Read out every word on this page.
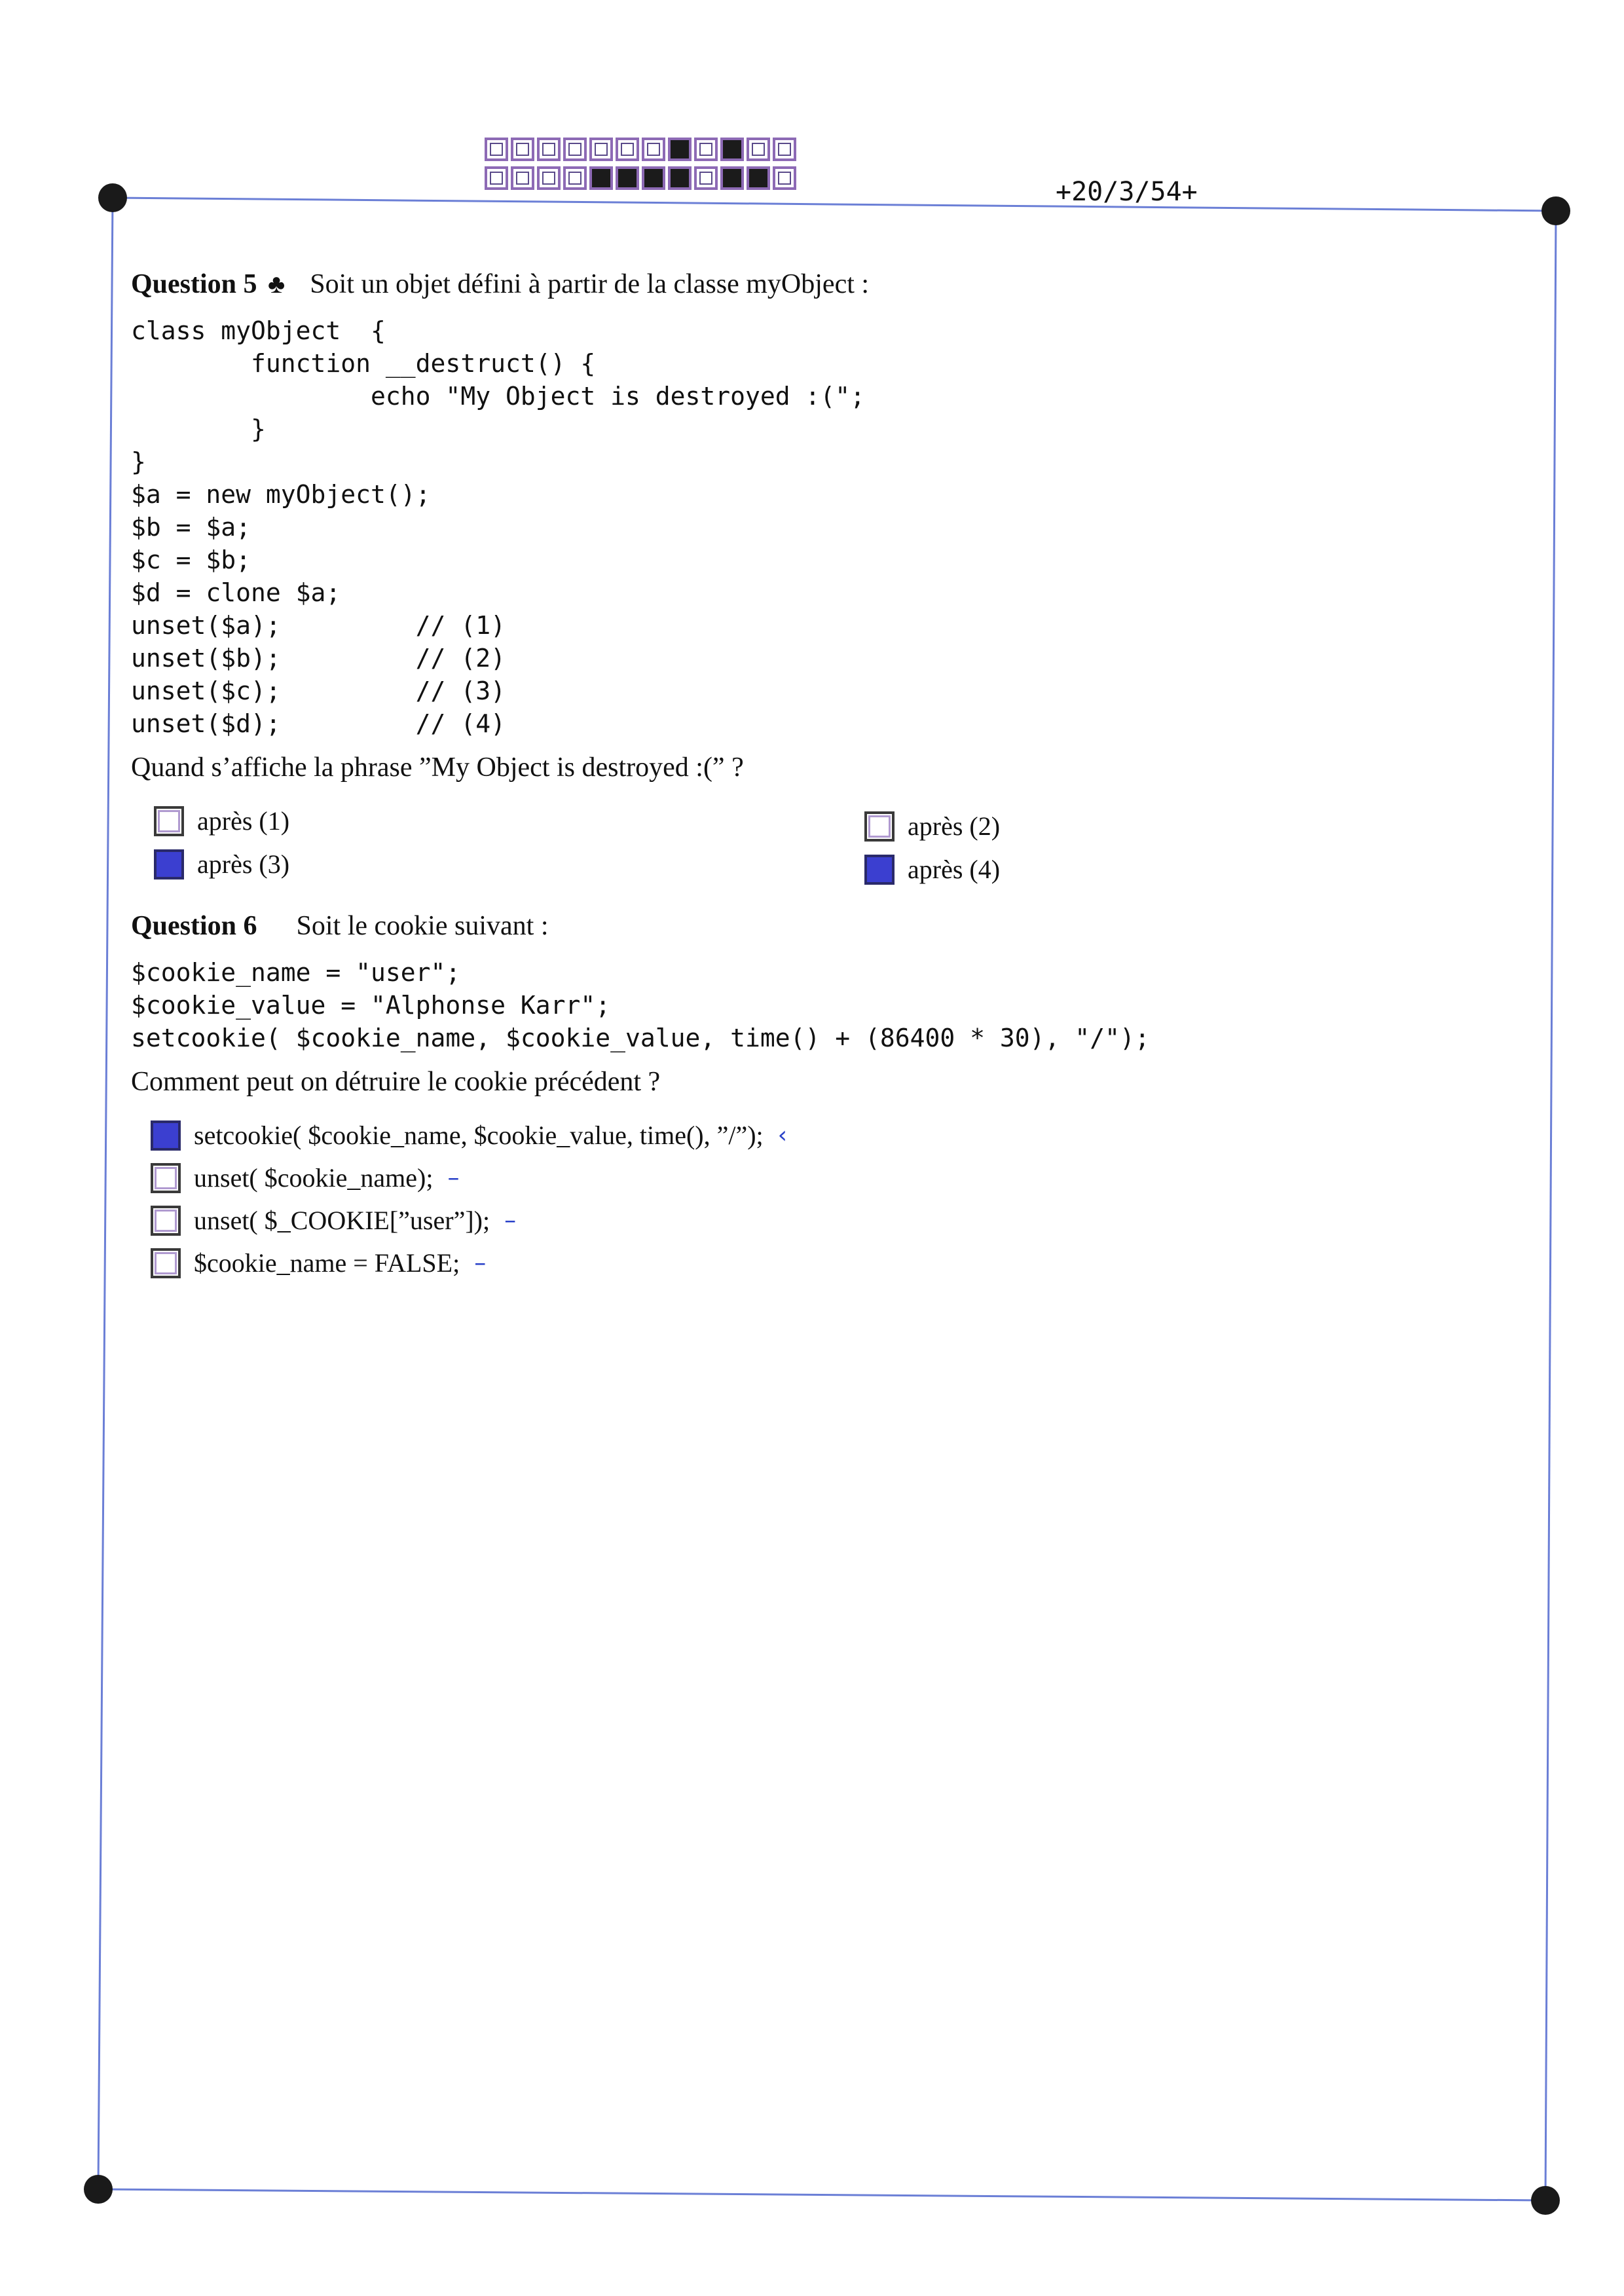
+20/3/54+
Question 5 ♣ Soit un objet défini à partir de la classe myObject :
class myObject  {
function __destruct() {
echo "My Object is destroyed :(";
}
}
$a = new myObject();
$b = $a;
$c = $b;
$d = clone $a;
unset($a);         // (1)
unset($b);         // (2)
unset($c);         // (3)
unset($d);         // (4)
Quand s’affiche la phrase ”My Object is destroyed :(” ?
après (1)	après (2)
après (3)	après (4)
Question 6 Soit le cookie suivant :
$cookie_name = "user";
$cookie_value = "Alphonse Karr";
setcookie( $cookie_name, $cookie_value, time() + (86400 * 30), "/");
Comment peut on détruire le cookie précédent ?
setcookie( $cookie_name, $cookie_value, time(), ”/”); ‹
unset( $cookie_name); –
unset( $_COOKIE[”user”]); –
$cookie_name = FALSE; –
